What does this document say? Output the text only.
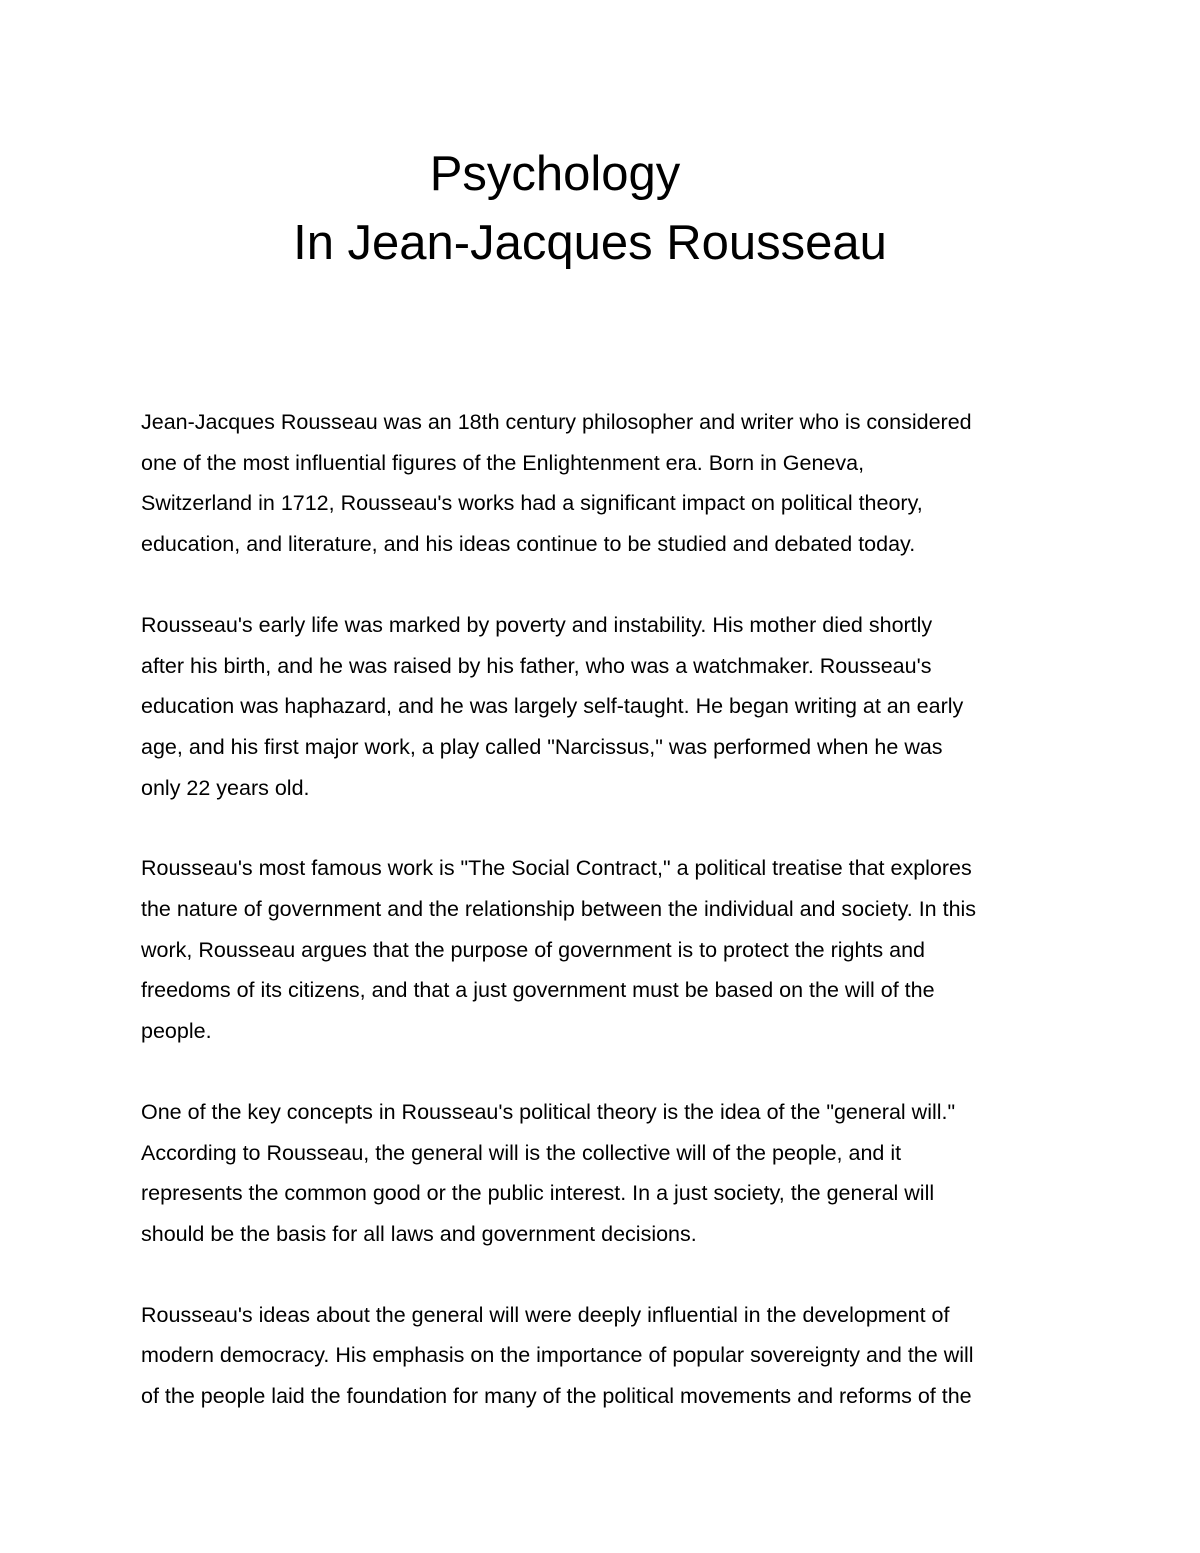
Psychology
In Jean-Jacques Rousseau

Jean-Jacques Rousseau was an 18th century philosopher and writer who is considered
one of the most influential figures of the Enlightenment era. Born in Geneva,
Switzerland in 1712, Rousseau's works had a significant impact on political theory,
education, and literature, and his ideas continue to be studied and debated today.

Rousseau's early life was marked by poverty and instability. His mother died shortly
after his birth, and he was raised by his father, who was a watchmaker. Rousseau's
education was haphazard, and he was largely self-taught. He began writing at an early
age, and his first major work, a play called "Narcissus," was performed when he was
only 22 years old.

Rousseau's most famous work is "The Social Contract," a political treatise that explores
the nature of government and the relationship between the individual and society. In this
work, Rousseau argues that the purpose of government is to protect the rights and
freedoms of its citizens, and that a just government must be based on the will of the
people.

One of the key concepts in Rousseau's political theory is the idea of the "general will."
According to Rousseau, the general will is the collective will of the people, and it
represents the common good or the public interest. In a just society, the general will
should be the basis for all laws and government decisions.

Rousseau's ideas about the general will were deeply influential in the development of
modern democracy. His emphasis on the importance of popular sovereignty and the will
of the people laid the foundation for many of the political movements and reforms of the
